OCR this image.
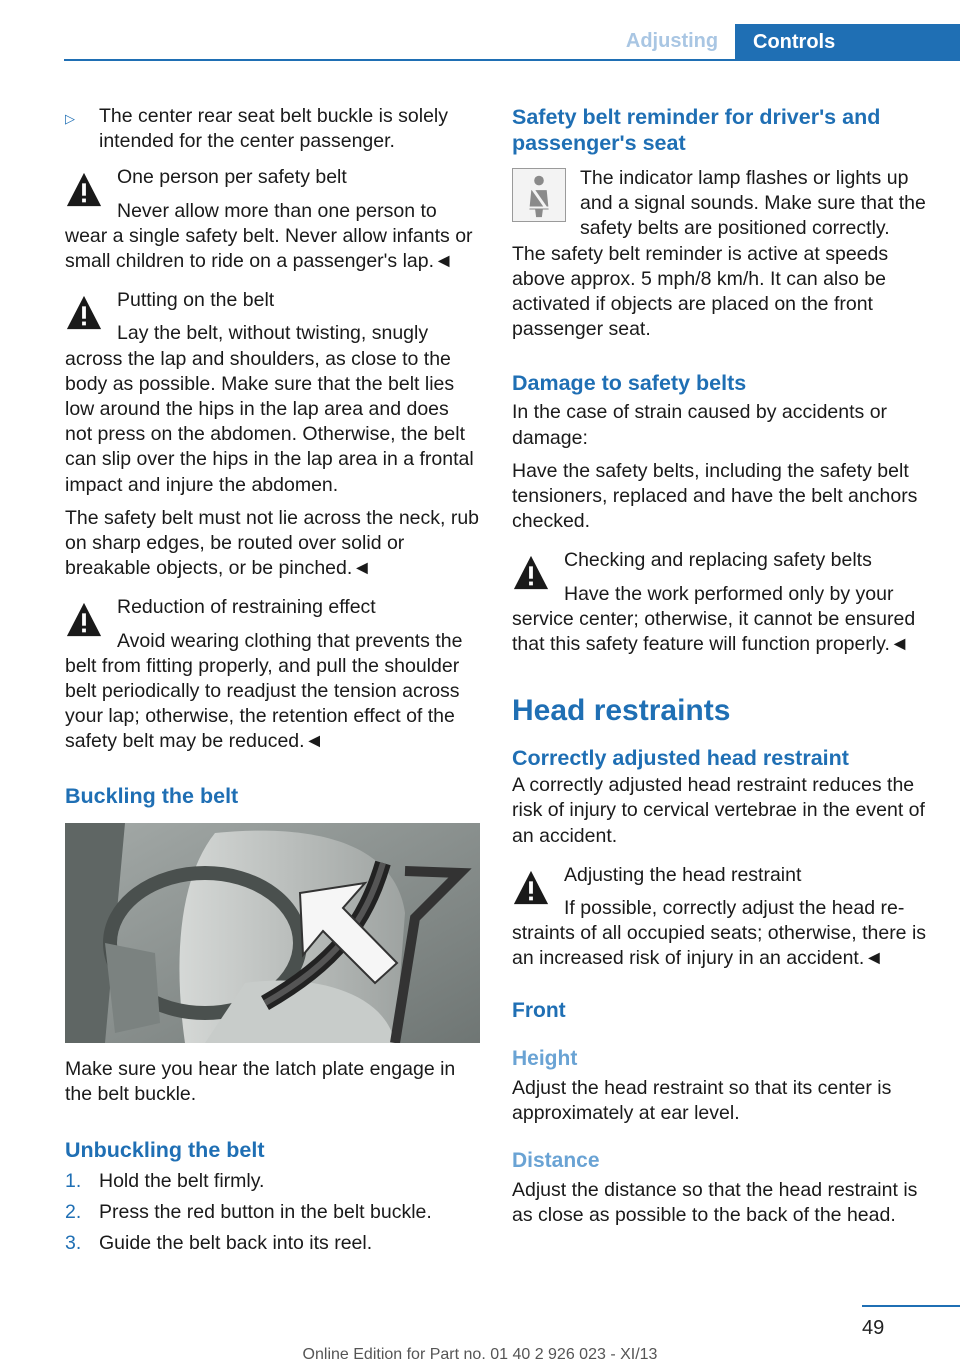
Adjusting	Controls
▷	The center rear seat belt buckle is solely intended for the center passenger.
One person per safety belt
Never allow more than one person to wear a single safety belt. Never allow infants or small children to ride on a passenger's lap.◄
Putting on the belt
Lay the belt, without twisting, snugly across the lap and shoulders, as close to the body as possible. Make sure that the belt lies low around the hips in the lap area and does not press on the abdomen. Otherwise, the belt can slip over the hips in the lap area in a frontal impact and injure the abdomen.

The safety belt must not lie across the neck, rub on sharp edges, be routed over solid or breakable objects, or be pinched.◄

Reduction of restraining effect
Avoid wearing clothing that prevents the belt from fitting properly, and pull the shoulder belt periodically to readjust the tension across your lap; otherwise, the retention effect of the safety belt may be reduced.◄
Buckling the belt

Make sure you hear the latch plate engage in the belt buckle.

Unbuckling the belt
1. Hold the belt firmly.
2. Press the red button in the belt buckle.
3. Guide the belt back into its reel.
Safety belt reminder for driver's and passenger's seat
The indicator lamp flashes or lights up and a signal sounds. Make sure that the safety belts are positioned correctly. The safety belt reminder is active at speeds above approx. 5 mph/8 km/h. It can also be activated if objects are placed on the front passenger seat.
Damage to safety belts

In the case of strain caused by accidents or damage:

Have the safety belts, including the safety belt tensioners, replaced and have the belt anchors checked.

Checking and replacing safety belts
Have the work performed only by your service center; otherwise, it cannot be ensured that this safety feature will function properly.◄
Head restraints
Correctly adjusted head restraint

A correctly adjusted head restraint reduces the risk of injury to cervical vertebrae in the event of an accident.

Adjusting the head restraint
If possible, correctly adjust the head restraints of all occupied seats; otherwise, there is an increased risk of injury in an accident.◄
Front
Height

Adjust the head restraint so that its center is approximately at ear level.

Distance

Adjust the distance so that the head restraint is as close as possible to the back of the head.

49
Online Edition for Part no. 01 40 2 926 023 - XI/13
